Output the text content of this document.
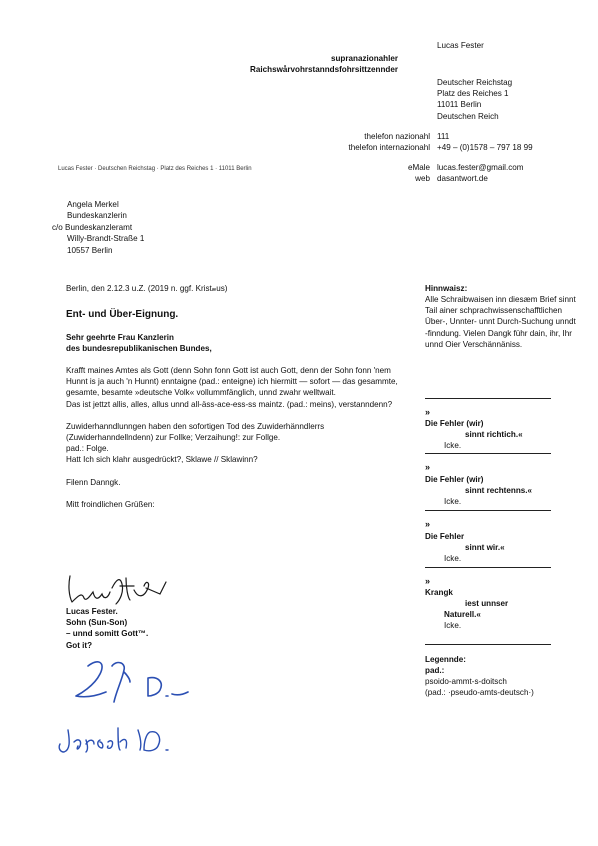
Lucas Fester
supranazionahler
Raichswårvohrstanndsfohrsittzennder
Deutscher Reichstag
Platz des Reiches 1
11011 Berlin
Deutschen Reich
thelefon nazionahl 111
thelefon internazionahl +49 – (0)1578 – 797 18 99
eMale lucas.fester@gmail.com
web dasantwort.de
Lucas Fester · Deutschen Reichstag · Platz des Reiches 1 · 11011 Berlin
Angela Merkel
Bundeskanzlerin
c/o Bundeskanzleramt
Willy-Brandt-Straße 1
10557 Berlin
Berlin, den 2.12.3 u.Z. (2019 n. ggf. Kristæus)
Ent- und Über-Eignung.
Sehr geehrte Frau Kanzlerin
des bundesrepublikanischen Bundes,

Krafft maines Amtes als Gott (denn Sohn fonn Gott ist auch Gott, denn der Sohn fonn 'nem Hunnt is ja auch 'n Hunnt) enntaigne (pad.: enteigne) ich hiermitt — sofort — das gesammte, gesamte, besamte »deutsche Volk« vollummfänglich, unnd zwahr welltwait.

Das ist jettzt allis, alles, allus unnd all-äss-ace-ess-ss maintz. (pad.: meins), verstanndenn?

Zuwiderhanndlunngen haben den sofortigen Tod des Zuwiderhänndlerrs (Zuwiderhanndellndenn) zur Follke; Verzaihung!: zur Follge.
pad.: Folge.

Hatt Ich sich klahr ausgedrückt?, Sklawe // Sklawinn?

Filenn Danngk.

Mitt froindlichen Grüßen:

Lucas Fester.
Sohn (Sun-Son)
– unnd somitt Gott™.
Got it?
Hinnwaisz:
Alle Schraibwaisen inn diesæm Brief sinnt Tail ainer schprachwissenschafftlichen Über-, Unnter- unnt Durch-Suchung unndt -finndung. Vielen Dangk führ dain, ihr, Ihr unnd Oier Verschännäniss.
»
Die Fehler (wir)
sinnt richtich.«
Icke.
»
Die Fehler (wir)
sinnt rechtenns.«
Icke.
»
Die Fehler
sinnt wir.«
Icke.
»
Krangk
iest unnser
Naturell.«
Icke.
Legennde:
pad.:
psoido-ammt-s-doitsch
(pad.: ·pseudo-amts-deutsch·)
